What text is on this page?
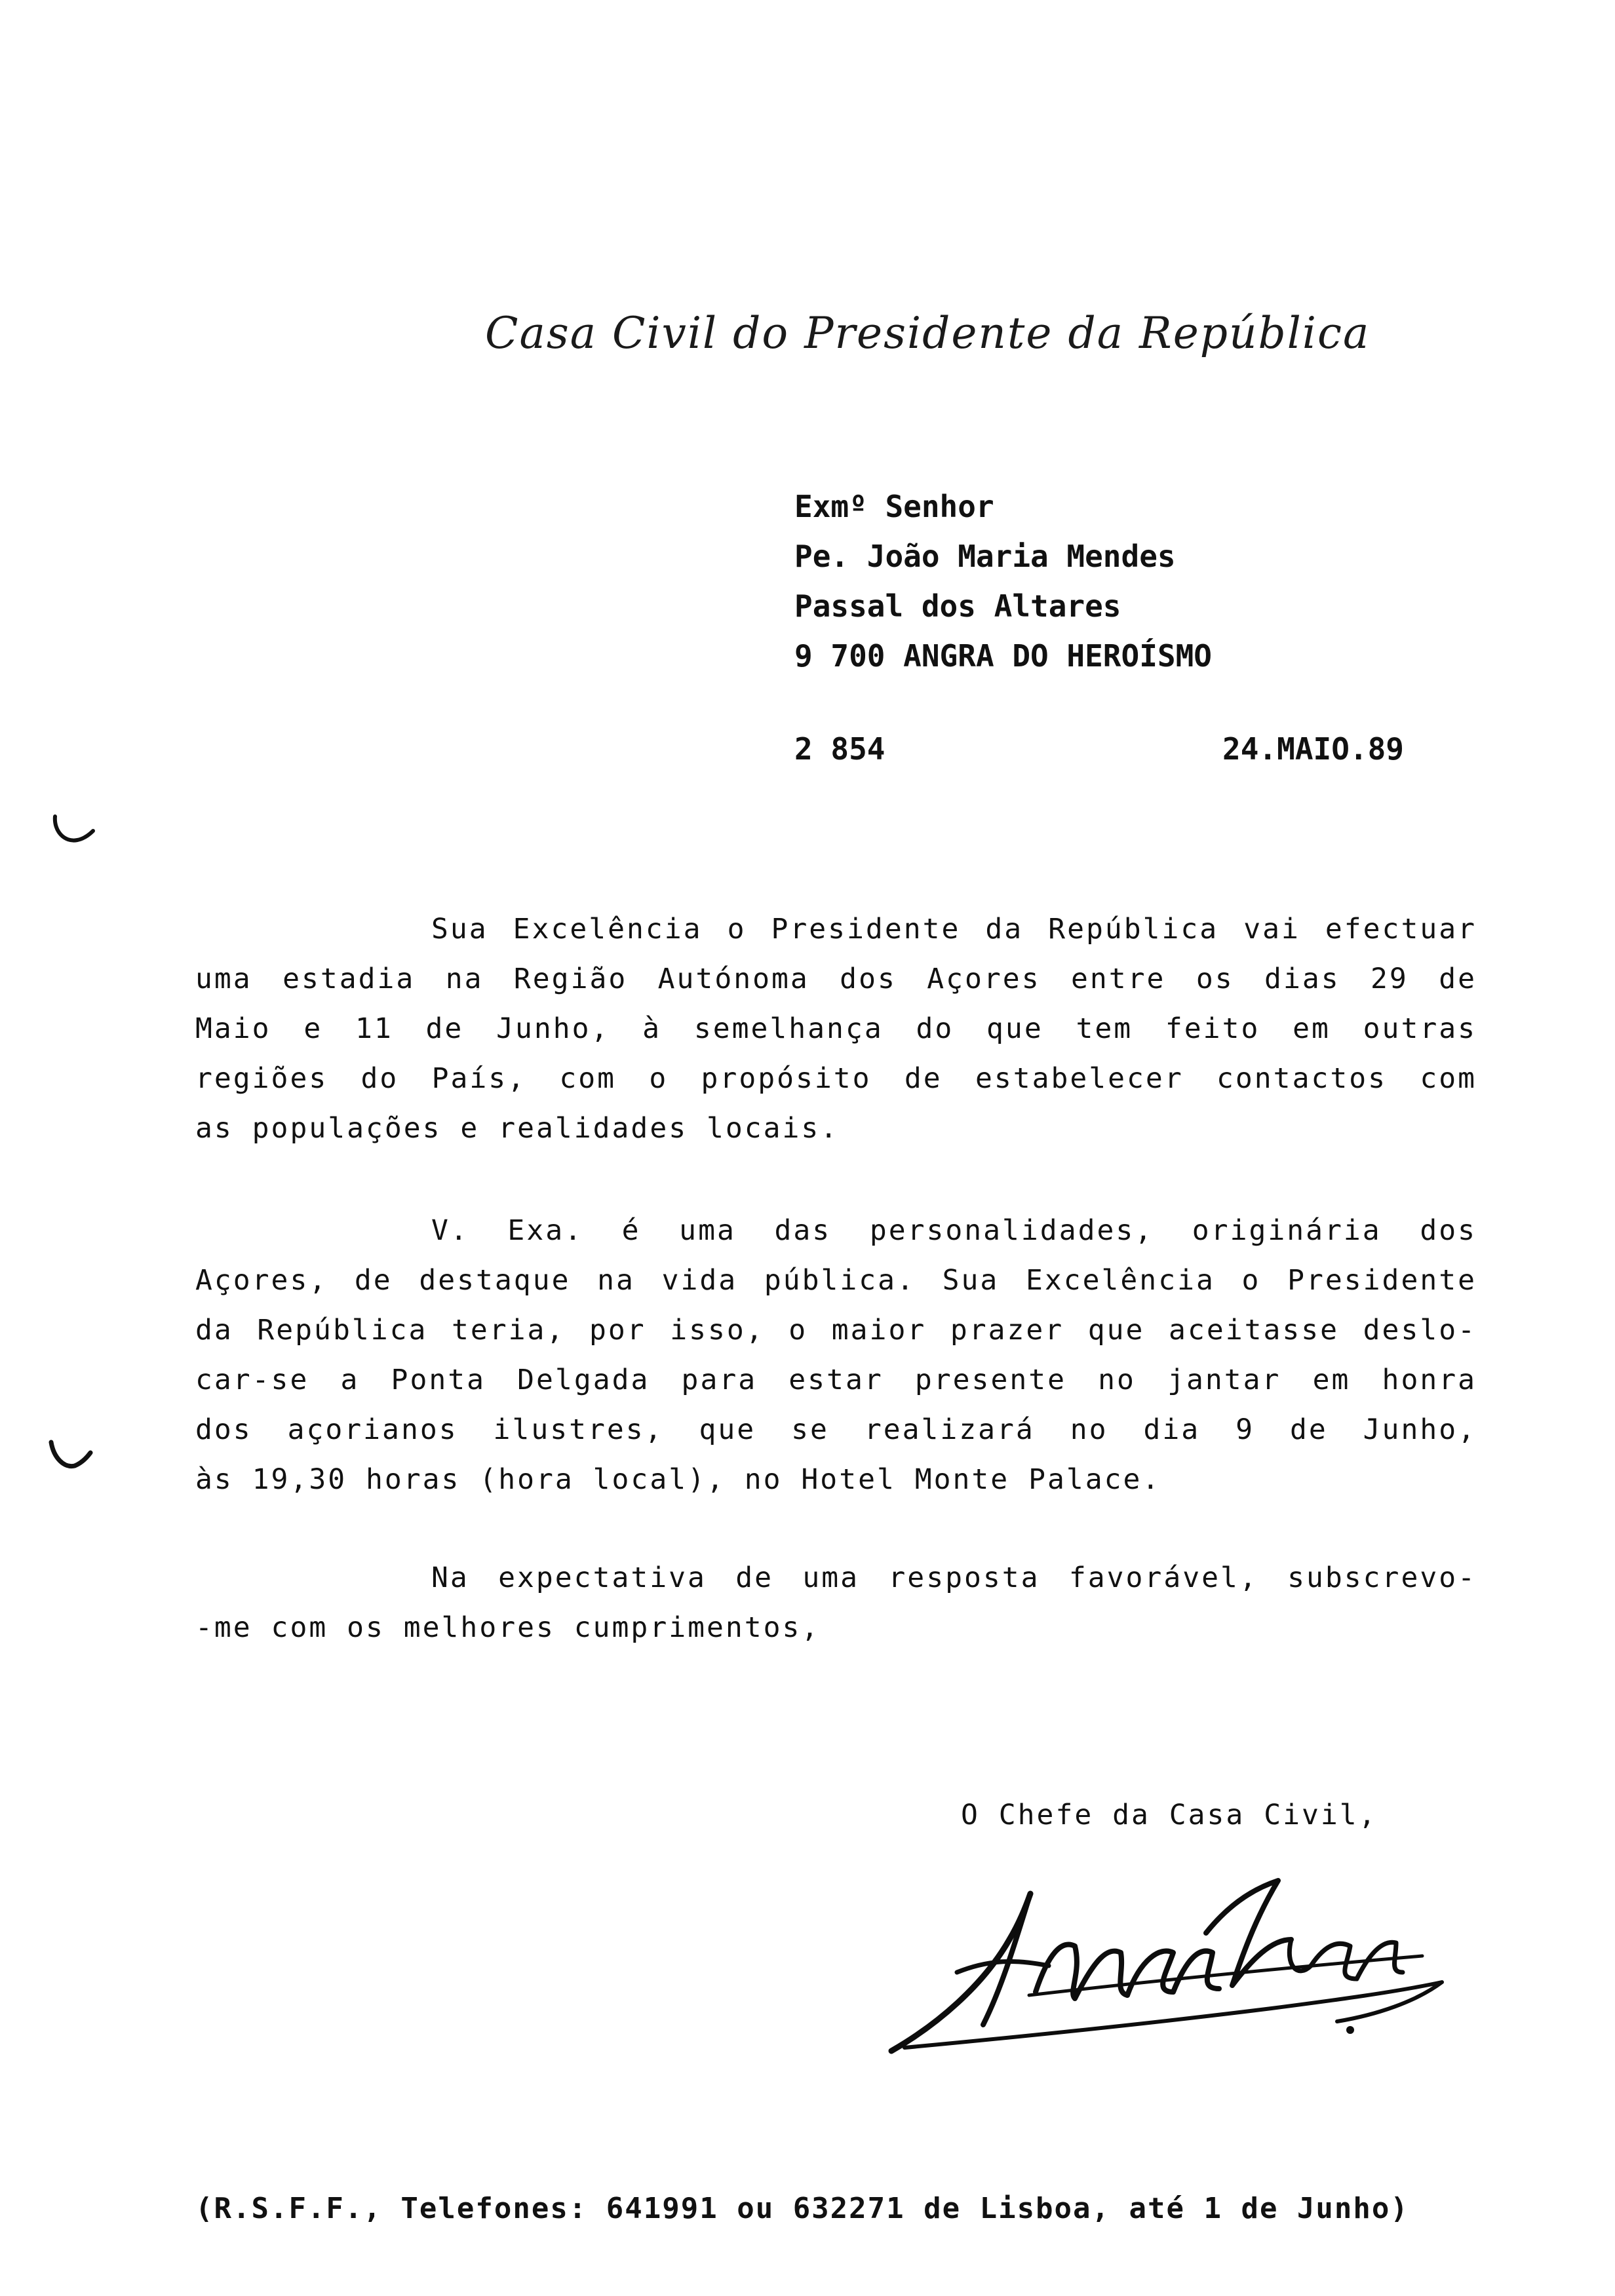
Casa Civil do Presidente da República
Exmº Senhor
Pe. João Maria Mendes
Passal dos Altares
9 700 ANGRA DO HEROÍSMO
2 854	24.MAIO.89
Sua Excelência o Presidente da República vai efectuar
uma estadia na Região Autónoma dos Açores entre os dias 29 de
Maio e 11 de Junho, à semelhança do que tem feito em outras
regiões do País, com o propósito de estabelecer contactos com
as populações e realidades locais.
V. Exa. é uma das personalidades, originária dos
Açores, de destaque na vida pública. Sua Excelência o Presidente
da República teria, por isso, o maior prazer que aceitasse deslo-
car-se a Ponta Delgada para estar presente no jantar em honra
dos açorianos ilustres, que se realizará no dia 9 de Junho,
às 19,30 horas (hora local), no Hotel Monte Palace.
Na expectativa de uma resposta favorável, subscrevo-
-me com os melhores cumprimentos,
O Chefe da Casa Civil,
(R.S.F.F., Telefones: 641991 ou 632271 de Lisboa, até 1 de Junho)
